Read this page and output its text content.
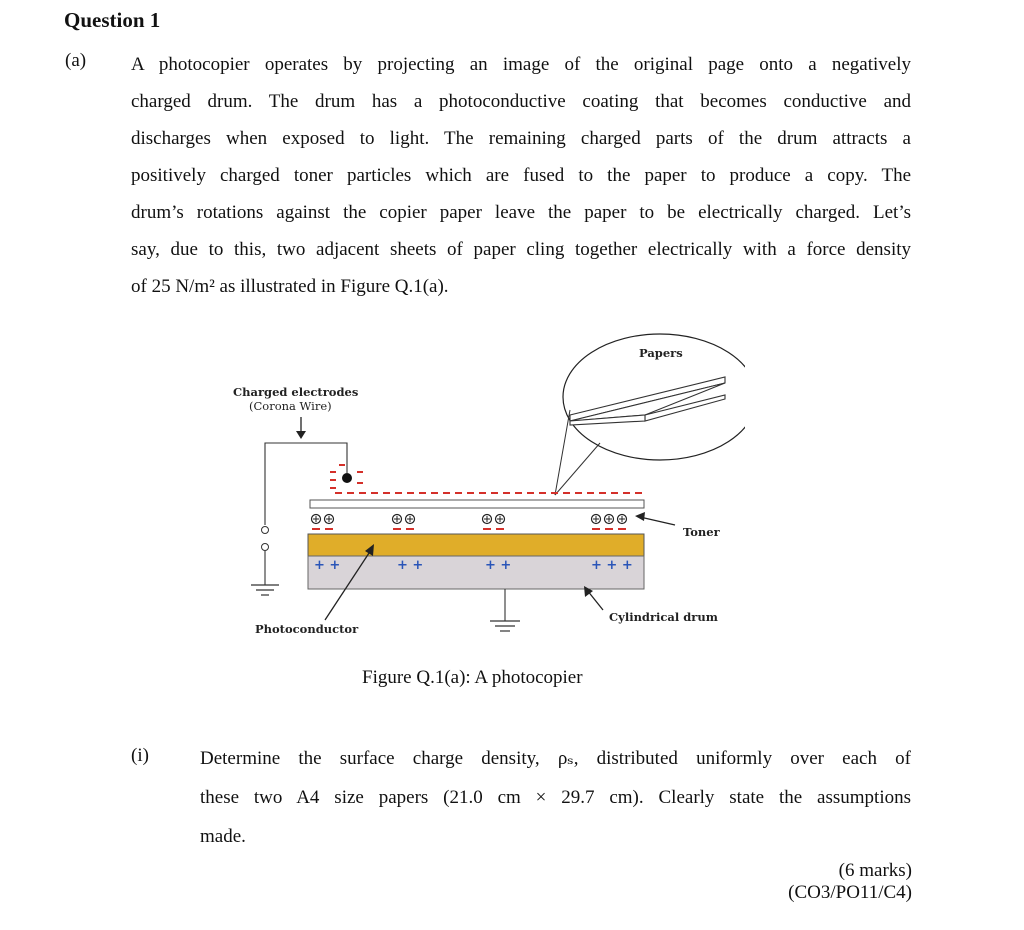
Question 1
(a) A photocopier operates by projecting an image of the original page onto a negatively
charged drum. The drum has a photoconductive coating that becomes conductive and
discharges when exposed to light. The remaining charged parts of the drum attracts a
positively charged toner particles which are fused to the paper to produce a copy. The
drum’s rotations against the copier paper leave the paper to be electrically charged. Let’s
say, due to this, two adjacent sheets of paper cling together electrically with a force density
of 25 N/m² as illustrated in Figure Q.1(a).
Papers
Charged electrodes
(Corona Wire)
Toner
+ +	+ +	+ +	+ + +
Photoconductor
Cylindrical drum
Figure Q.1(a): A photocopier
(i)	Determine the surface charge density, ρₛ, distributed uniformly over each of
these two A4 size papers (21.0 cm × 29.7 cm). Clearly state the assumptions
made.
(6 marks)
(CO3/PO11/C4)
